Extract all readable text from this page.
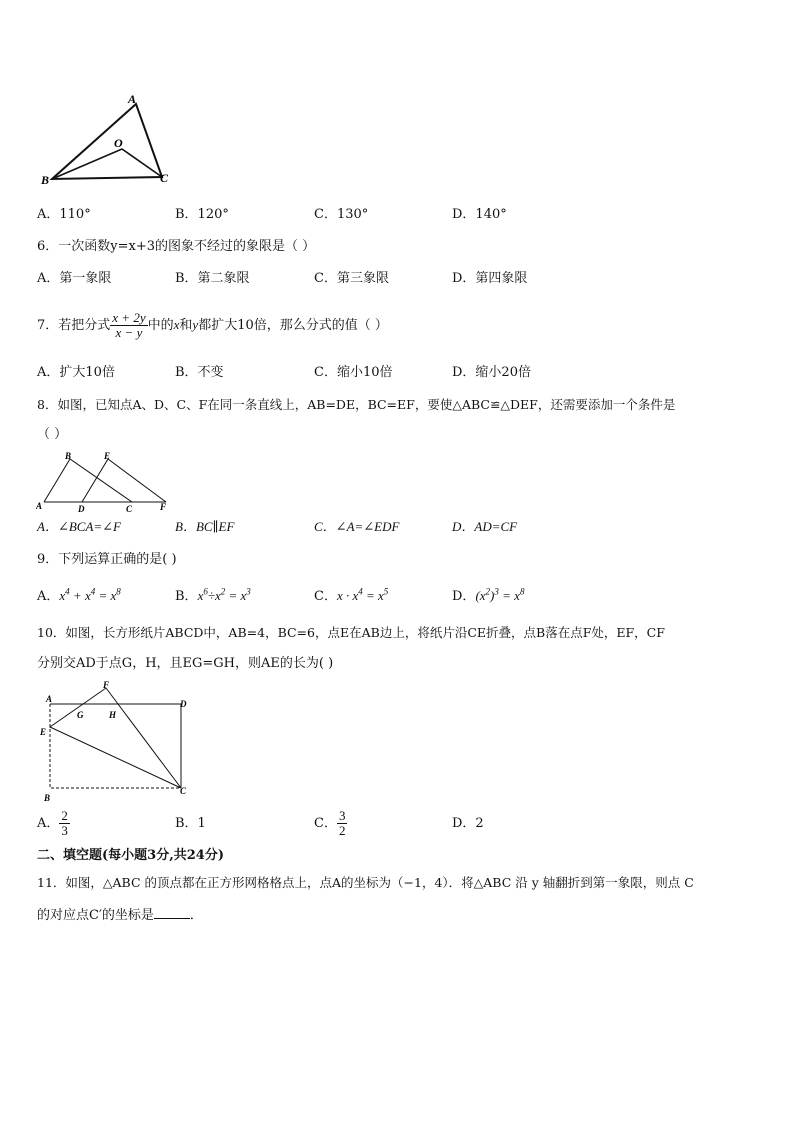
A
O
B	C
A．110°	B．120°	C．130°	D．140°
6．一次函数y=x+3的图象不经过的象限是（ ）
A．第一象限	B．第二象限	C．第三象限	D．第四象限
7．若把分式 $\frac{x + 2y}{x - y}$ 中的x和y都扩大10倍，那么分式的值（ ）
A．扩大10倍	B．不变	C．缩小10倍	D．缩小20倍
8．如图，已知点A、D、C、F在同一条直线上，AB=DE，BC=EF，要使△ABC≌△DEF，还需要添加一个条件是
（ ）
A
B	E
D	C	F
A．∠BCA=∠F	B．BC∥EF	C．∠A=∠EDF	D．AD=CF
9．下列运算正确的是( )
A．$x^4 + x^4 = x^8$	B．$x^6\div x^2 = x^3$	C．$x \cdot x^4 = x^5$	D．$(x^2)^3 = x^8$
10．如图，长方形纸片ABCD中，AB=4，BC=6，点E在AB边上，将纸片沿CE折叠，点B落在点F处，EF，CF
分别交AD于点G，H，且EG=GH，则AE的长为( )
A
F
D
G	H
E
B
C
A． $\frac{2}{3}$	B．1	C． $\frac{3}{2}$	D．2
二、填空题(每小题3分,共24分)
11．如图，△ABC 的顶点都在正方形网格格点上，点A的坐标为（−1，4）．将△ABC 沿 y 轴翻折到第一象限，则点 C
的对应点C′的坐标是	．
